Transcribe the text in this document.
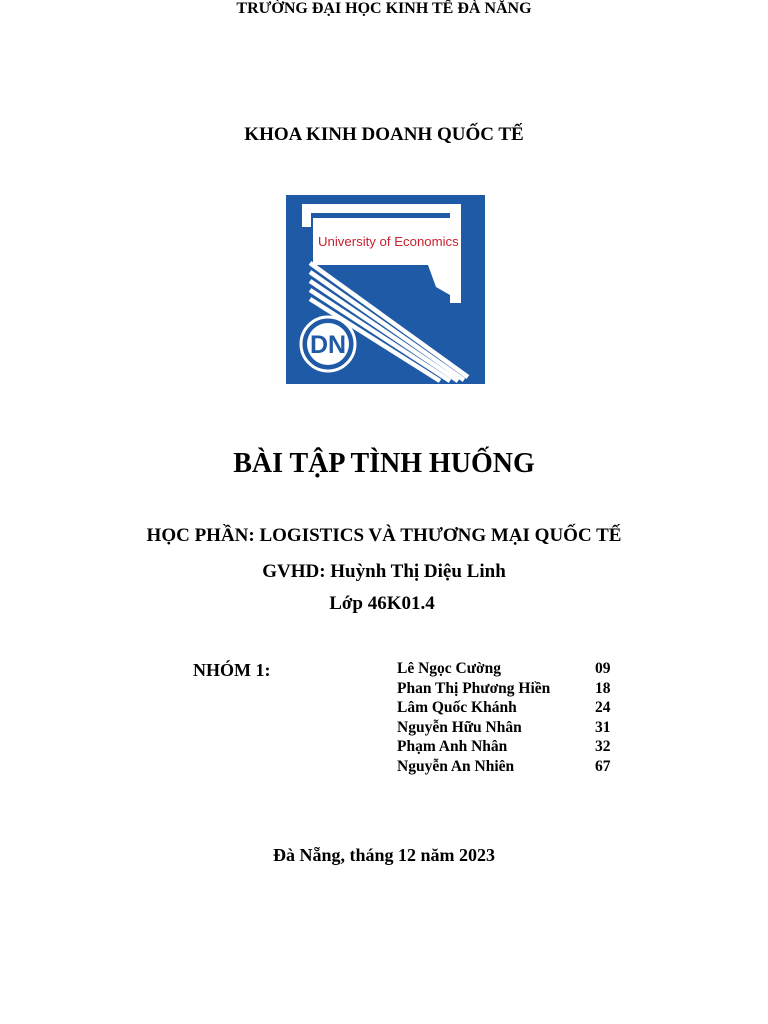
TRƯỜNG ĐẠI HỌC KINH TẾ ĐÀ NẴNG
KHOA KINH DOANH QUỐC TẾ
University of Economics
DN
BÀI TẬP TÌNH HUỐNG
HỌC PHẦN: LOGISTICS VÀ THƯƠNG MẠI QUỐC TẾ
GVHD: Huỳnh Thị Diệu Linh
Lớp 46K01.4
NHÓM 1:	Lê Ngọc Cường	09
Phan Thị Phương Hiền	18
Lâm Quốc Khánh	24
Nguyễn Hữu Nhân	31
Phạm Anh Nhân	32
Nguyễn An Nhiên	67
Đà Nẵng, tháng 12 năm 2023
